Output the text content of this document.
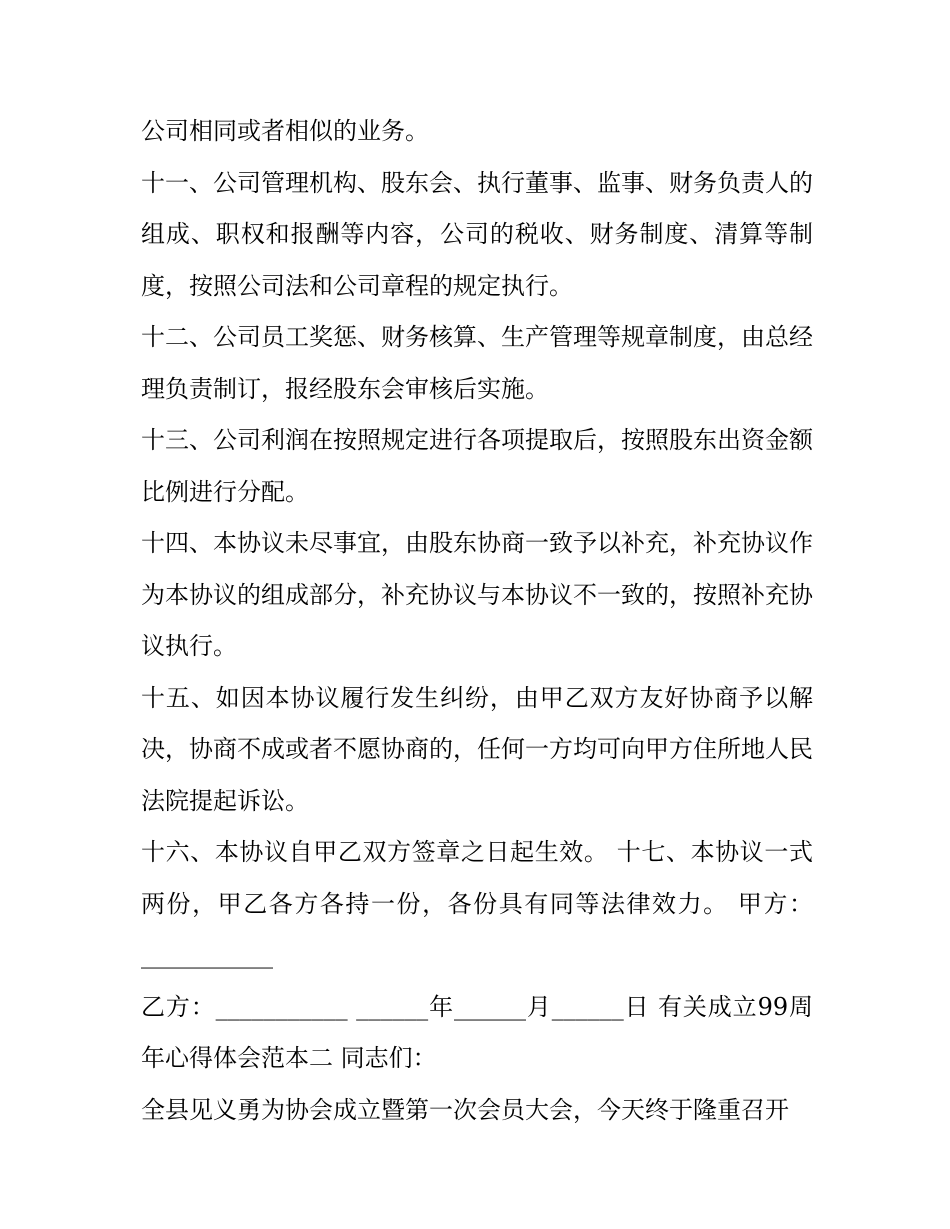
公司相同或者相似的业务。

十一、公司管理机构、股东会、执行董事、监事、财务负责人的组成、职权和报酬等内容，公司的税收、财务制度、清算等制度，按照公司法和公司章程的规定执行。

十二、公司员工奖惩、财务核算、生产管理等规章制度，由总经理负责制订，报经股东会审核后实施。

十三、公司利润在按照规定进行各项提取后，按照股东出资金额比例进行分配。

十四、本协议未尽事宜，由股东协商一致予以补充，补充协议作为本协议的组成部分，补充协议与本协议不一致的，按照补充协议执行。

十五、如因本协议履行发生纠纷，由甲乙双方友好协商予以解决，协商不成或者不愿协商的，任何一方均可向甲方住所地人民法院提起诉讼。

十六、本协议自甲乙双方签章之日起生效。 十七、本协议一式两份，甲乙各方各持一份，各份具有同等法律效力。 甲方：___________

乙方：___________ ______年______月______日 有关成立99周年心得体会范本二 同志们：

全县见义勇为协会成立暨第一次会员大会，今天终于隆重召开
